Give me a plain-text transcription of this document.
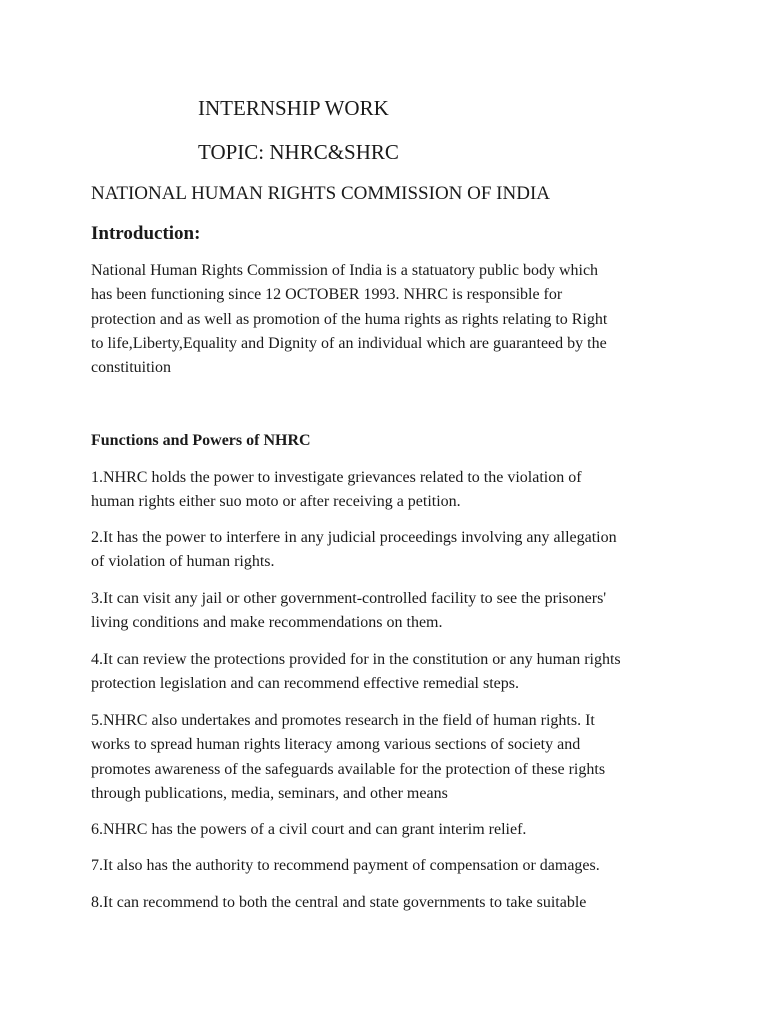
INTERNSHIP WORK
TOPIC: NHRC&SHRC
NATIONAL HUMAN RIGHTS COMMISSION OF INDIA
Introduction:

National Human Rights Commission of India is a statuatory public body which
has been functioning since 12 OCTOBER 1993. NHRC is responsible for
protection and as well as promotion of the huma rights as rights relating to Right
to life,Liberty,Equality and Dignity of an individual which are guaranteed by the
constituition

Functions and Powers of NHRC

1.NHRC holds the power to investigate grievances related to the violation of
human rights either suo moto or after receiving a petition.

2.It has the power to interfere in any judicial proceedings involving any allegation
of violation of human rights.

3.It can visit any jail or other government-controlled facility to see the prisoners'
living conditions and make recommendations on them.

4.It can review the protections provided for in the constitution or any human rights
protection legislation and can recommend effective remedial steps.

5.NHRC also undertakes and promotes research in the field of human rights. It
works to spread human rights literacy among various sections of society and
promotes awareness of the safeguards available for the protection of these rights
through publications, media, seminars, and other means

6.NHRC has the powers of a civil court and can grant interim relief.

7.It also has the authority to recommend payment of compensation or damages.

8.It can recommend to both the central and state governments to take suitable
